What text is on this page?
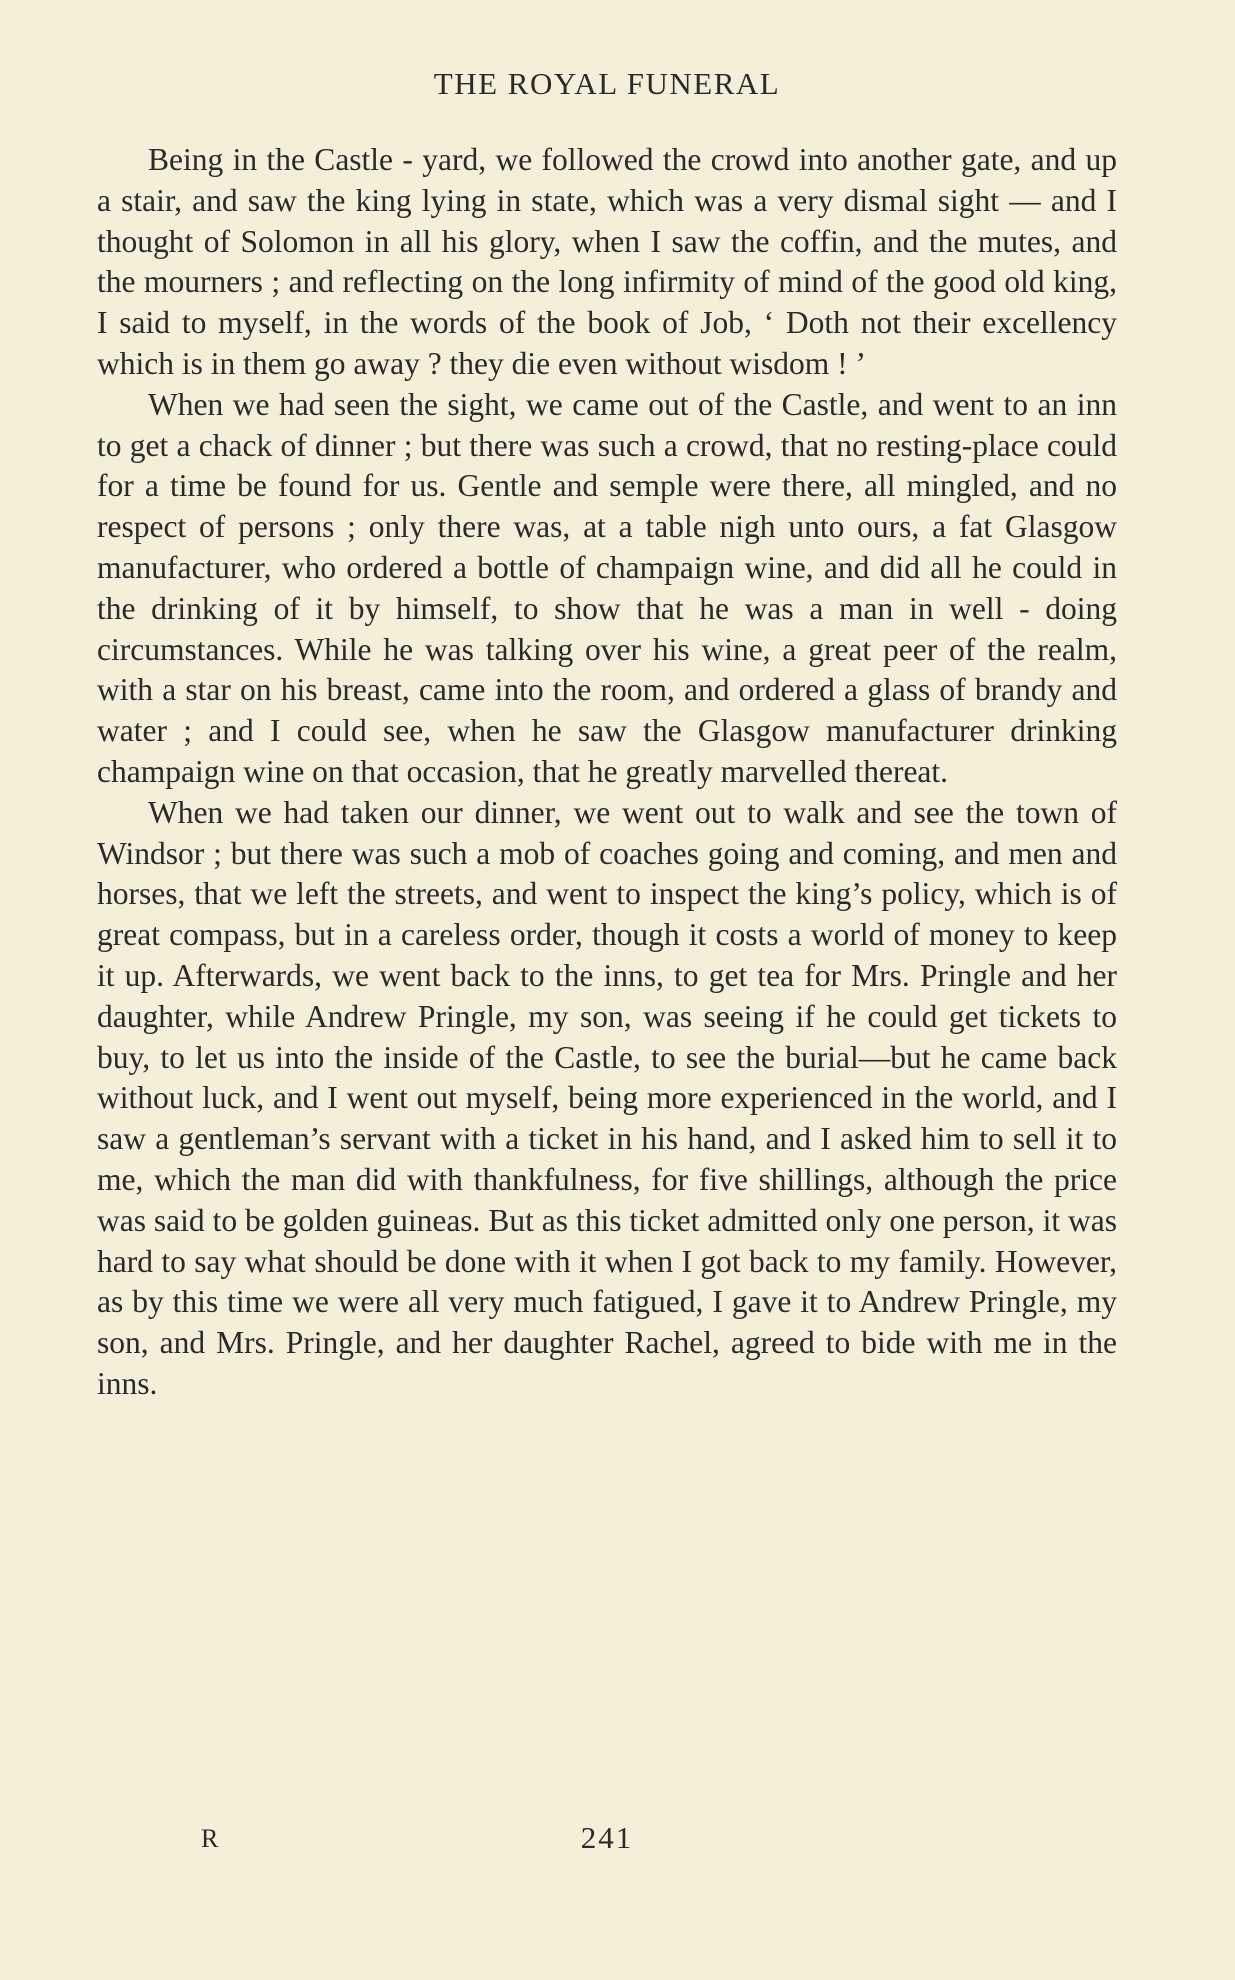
THE ROYAL FUNERAL

Being in the Castle - yard, we followed the crowd into another gate, and up a stair, and saw the king lying in state, which was a very dismal sight — and I thought of Solomon in all his glory, when I saw the coffin, and the mutes, and the mourners ; and reflecting on the long infirmity of mind of the good old king, I said to myself, in the words of the book of Job, ‘ Doth not their excellency which is in them go away ? they die even without wisdom ! ’

When we had seen the sight, we came out of the Castle, and went to an inn to get a chack of dinner ; but there was such a crowd, that no resting-place could for a time be found for us. Gentle and semple were there, all mingled, and no respect of persons ; only there was, at a table nigh unto ours, a fat Glasgow manufacturer, who ordered a bottle of champaign wine, and did all he could in the drinking of it by himself, to show that he was a man in well - doing circumstances. While he was talking over his wine, a great peer of the realm, with a star on his breast, came into the room, and ordered a glass of brandy and water ; and I could see, when he saw the Glasgow manufacturer drinking champaign wine on that occasion, that he greatly marvelled thereat.

When we had taken our dinner, we went out to walk and see the town of Windsor ; but there was such a mob of coaches going and coming, and men and horses, that we left the streets, and went to inspect the king’s policy, which is of great compass, but in a careless order, though it costs a world of money to keep it up. Afterwards, we went back to the inns, to get tea for Mrs. Pringle and her daughter, while Andrew Pringle, my son, was seeing if he could get tickets to buy, to let us into the inside of the Castle, to see the burial—but he came back without luck, and I went out myself, being more experienced in the world, and I saw a gentleman’s servant with a ticket in his hand, and I asked him to sell it to me, which the man did with thankfulness, for five shillings, although the price was said to be golden guineas. But as this ticket admitted only one person, it was hard to say what should be done with it when I got back to my family. However, as by this time we were all very much fatigued, I gave it to Andrew Pringle, my son, and Mrs. Pringle, and her daughter Rachel, agreed to bide with me in the inns.

R	241
